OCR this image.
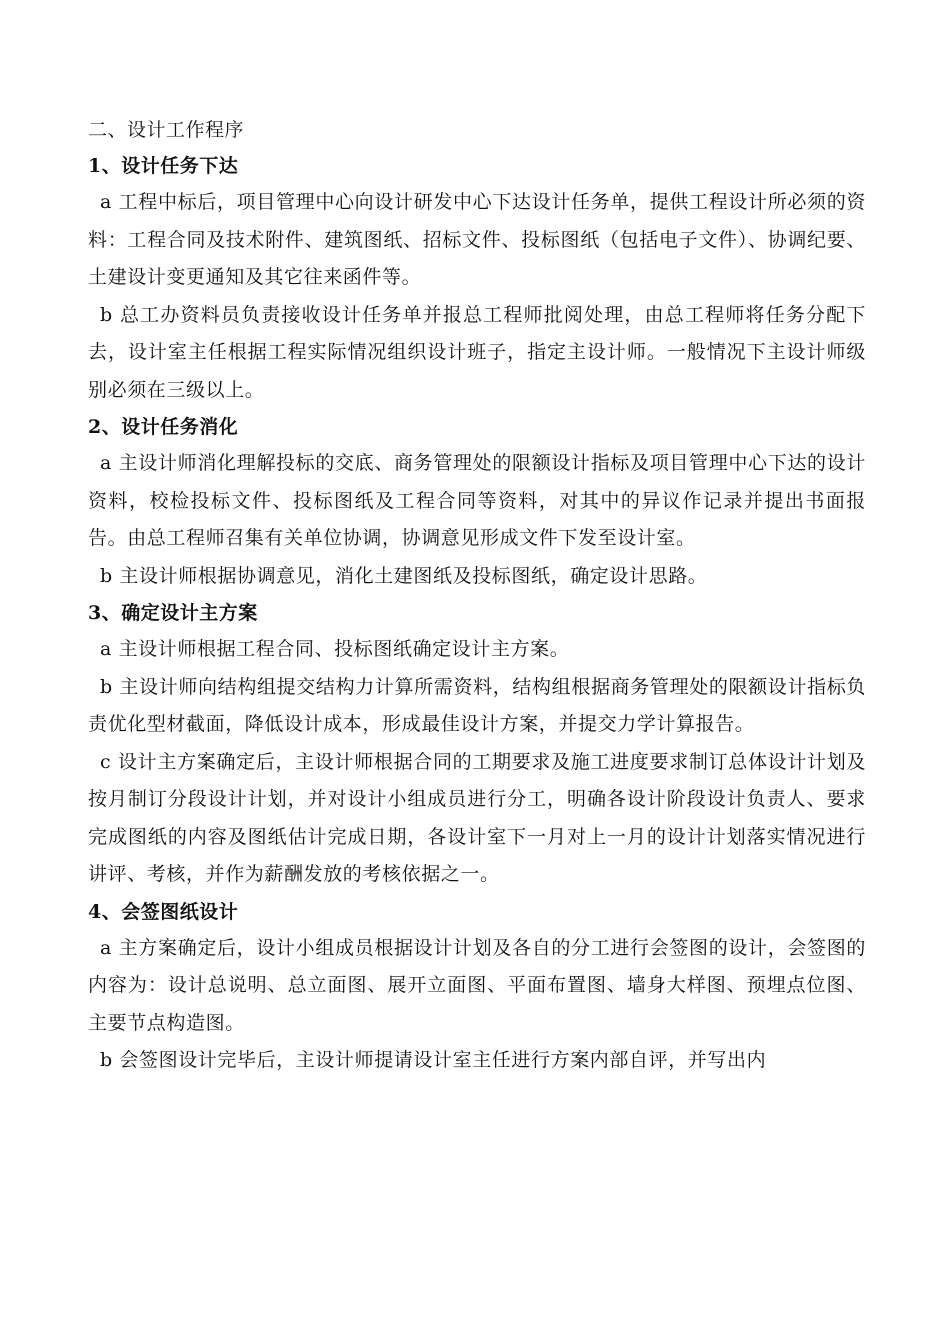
二、设计工作程序
1、设计任务下达

a 工程中标后，项目管理中心向设计研发中心下达设计任务单，提供工程设计所必须的资料：工程合同及技术附件、建筑图纸、招标文件、投标图纸（包括电子文件）、协调纪要、土建设计变更通知及其它往来函件等。

b 总工办资料员负责接收设计任务单并报总工程师批阅处理，由总工程师将任务分配下去，设计室主任根据工程实际情况组织设计班子，指定主设计师。一般情况下主设计师级别必须在三级以上。

2、设计任务消化

a 主设计师消化理解投标的交底、商务管理处的限额设计指标及项目管理中心下达的设计资料，校检投标文件、投标图纸及工程合同等资料，对其中的异议作记录并提出书面报告。由总工程师召集有关单位协调，协调意见形成文件下发至设计室。

b 主设计师根据协调意见，消化土建图纸及投标图纸，确定设计思路。

3、确定设计主方案

a 主设计师根据工程合同、投标图纸确定设计主方案。

b 主设计师向结构组提交结构力计算所需资料，结构组根据商务管理处的限额设计指标负责优化型材截面，降低设计成本，形成最佳设计方案，并提交力学计算报告。

c 设计主方案确定后，主设计师根据合同的工期要求及施工进度要求制订总体设计计划及按月制订分段设计计划，并对设计小组成员进行分工，明确各设计阶段设计负责人、要求完成图纸的内容及图纸估计完成日期，各设计室下一月对上一月的设计计划落实情况进行讲评、考核，并作为薪酬发放的考核依据之一。

4、会签图纸设计

a 主方案确定后，设计小组成员根据设计计划及各自的分工进行会签图的设计，会签图的内容为：设计总说明、总立面图、展开立面图、平面布置图、墙身大样图、预埋点位图、主要节点构造图。

b 会签图设计完毕后，主设计师提请设计室主任进行方案内部自评，并写出内
